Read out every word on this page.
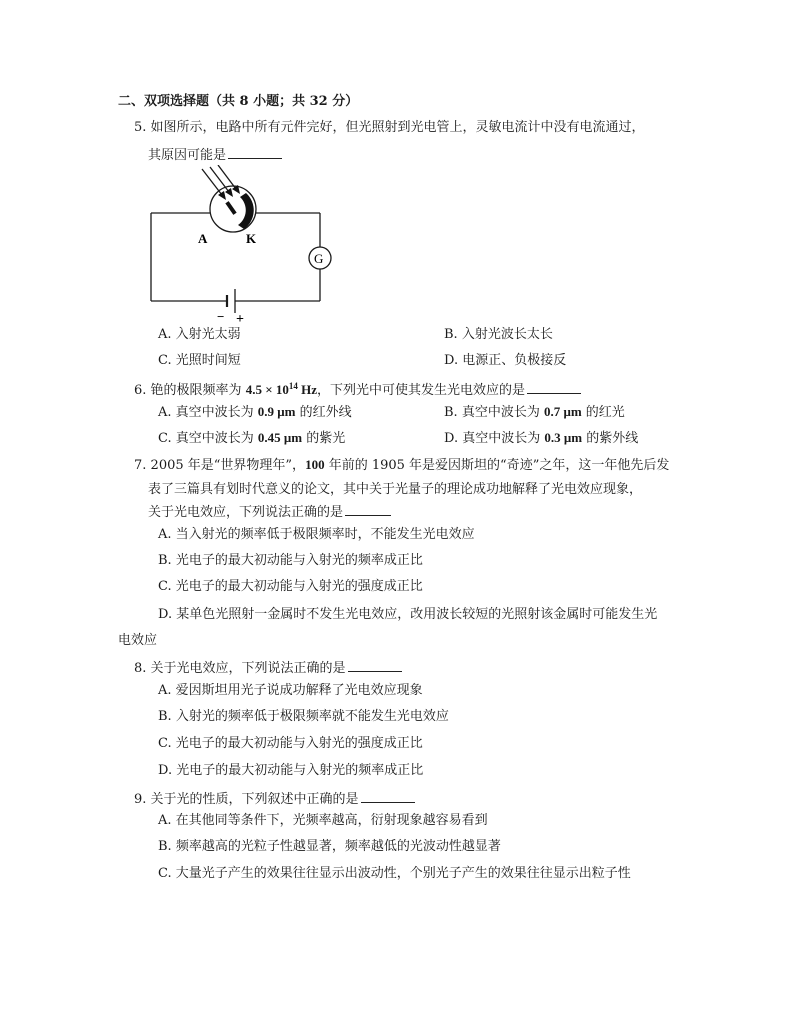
二、双项选择题（共 8 小题；共 32 分）
5. 如图所示，电路中所有元件完好，但光照射到光电管上，灵敏电流计中没有电流通过，
其原因可能是
A	K
G
− +
A. 入射光太弱	B. 入射光波长太长
C. 光照时间短	D. 电源正、负极接反
6. 铯的极限频率为 $4.5 \times 10^{14}$ Hz，下列光中可使其发生光电效应的是
A. 真空中波长为 0.9 μm 的红外线	B. 真空中波长为 0.7 μm 的红光
C. 真空中波长为 0.45 μm 的紫光	D. 真空中波长为 0.3 μm 的紫外线
7. 2005 年是“世界物理年”，100 年前的 1905 年是爱因斯坦的“奇迹”之年，这一年他先后发
表了三篇具有划时代意义的论文，其中关于光量子的理论成功地解释了光电效应现象，
关于光电效应，下列说法正确的是
A. 当入射光的频率低于极限频率时，不能发生光电效应
B. 光电子的最大初动能与入射光的频率成正比
C. 光电子的最大初动能与入射光的强度成正比
D. 某单色光照射一金属时不发生光电效应，改用波长较短的光照射该金属时可能发生光
电效应
8. 关于光电效应，下列说法正确的是
A. 爱因斯坦用光子说成功解释了光电效应现象
B. 入射光的频率低于极限频率就不能发生光电效应
C. 光电子的最大初动能与入射光的强度成正比
D. 光电子的最大初动能与入射光的频率成正比
9. 关于光的性质，下列叙述中正确的是
A. 在其他同等条件下，光频率越高，衍射现象越容易看到
B. 频率越高的光粒子性越显著，频率越低的光波动性越显著
C. 大量光子产生的效果往往显示出波动性，个别光子产生的效果往往显示出粒子性
